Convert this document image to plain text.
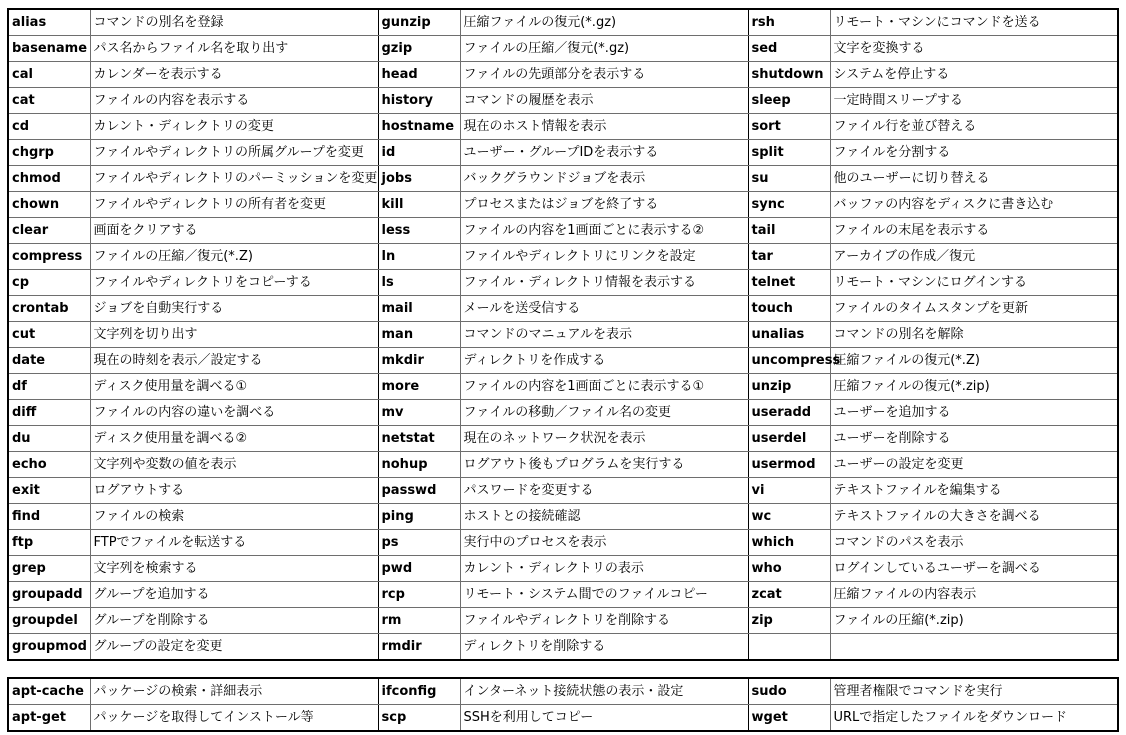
alias	コマンドの別名を登録	gunzip	圧縮ファイルの復元(*.gz)	rsh	リモート・マシンにコマンドを送る
basename	パス名からファイル名を取り出す	gzip	ファイルの圧縮／復元(*.gz)	sed	文字を変換する
cal	カレンダーを表示する	head	ファイルの先頭部分を表示する	shutdown	システムを停止する
cat	ファイルの内容を表示する	history	コマンドの履歴を表示	sleep	一定時間スリープする
cd	カレント・ディレクトリの変更	hostname	現在のホスト情報を表示	sort	ファイル行を並び替える
chgrp	ファイルやディレクトリの所属グループを変更	id	ユーザー・グループIDを表示する	split	ファイルを分割する
chmod	ファイルやディレクトリのパーミッションを変更	jobs	バックグラウンドジョブを表示	su	他のユーザーに切り替える
chown	ファイルやディレクトリの所有者を変更	kill	プロセスまたはジョブを終了する	sync	バッファの内容をディスクに書き込む
clear	画面をクリアする	less	ファイルの内容を1画面ごとに表示する②	tail	ファイルの末尾を表示する
compress	ファイルの圧縮／復元(*.Z)	ln	ファイルやディレクトリにリンクを設定	tar	アーカイブの作成／復元
cp	ファイルやディレクトリをコピーする	ls	ファイル・ディレクトリ情報を表示する	telnet	リモート・マシンにログインする
crontab	ジョブを自動実行する	mail	メールを送受信する	touch	ファイルのタイムスタンプを更新
cut	文字列を切り出す	man	コマンドのマニュアルを表示	unalias	コマンドの別名を解除
date	現在の時刻を表示／設定する	mkdir	ディレクトリを作成する	uncompress	圧縮ファイルの復元(*.Z)
df	ディスク使用量を調べる①	more	ファイルの内容を1画面ごとに表示する①	unzip	圧縮ファイルの復元(*.zip)
diff	ファイルの内容の違いを調べる	mv	ファイルの移動／ファイル名の変更	useradd	ユーザーを追加する
du	ディスク使用量を調べる②	netstat	現在のネットワーク状況を表示	userdel	ユーザーを削除する
echo	文字列や変数の値を表示	nohup	ログアウト後もプログラムを実行する	usermod	ユーザーの設定を変更
exit	ログアウトする	passwd	パスワードを変更する	vi	テキストファイルを編集する
find	ファイルの検索	ping	ホストとの接続確認	wc	テキストファイルの大きさを調べる
ftp	FTPでファイルを転送する	ps	実行中のプロセスを表示	which	コマンドのパスを表示
grep	文字列を検索する	pwd	カレント・ディレクトリの表示	who	ログインしているユーザーを調べる
groupadd	グループを追加する	rcp	リモート・システム間でのファイルコピー	zcat	圧縮ファイルの内容表示
groupdel	グループを削除する	rm	ファイルやディレクトリを削除する	zip	ファイルの圧縮(*.zip)
groupmod	グループの設定を変更	rmdir	ディレクトリを削除する		
apt-cache	パッケージの検索・詳細表示	ifconfig	インターネット接続状態の表示・設定	sudo	管理者権限でコマンドを実行
apt-get	パッケージを取得してインストール等	scp	SSHを利用してコピー	wget	URLで指定したファイルをダウンロード
